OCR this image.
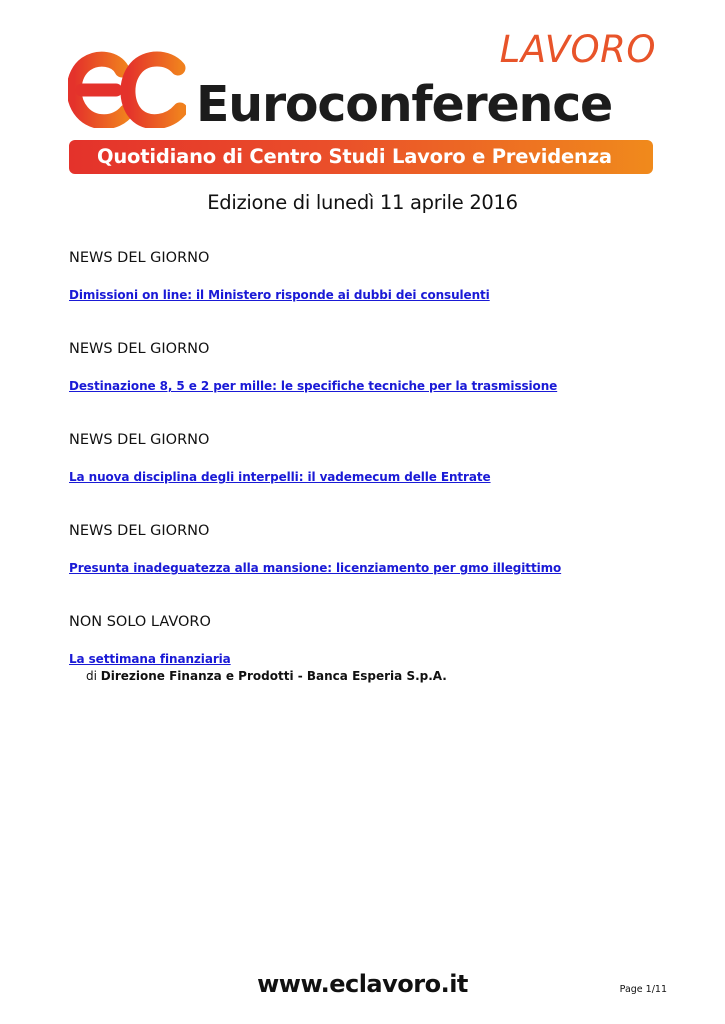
Euroconference
LAVORO
Quotidiano di Centro Studi Lavoro e Previdenza
Edizione di lunedì 11 aprile 2016
NEWS DEL GIORNO
Dimissioni on line: il Ministero risponde ai dubbi dei consulenti
NEWS DEL GIORNO
Destinazione 8, 5 e 2 per mille: le specifiche tecniche per la trasmissione
NEWS DEL GIORNO
La nuova disciplina degli interpelli: il vademecum delle Entrate
NEWS DEL GIORNO
Presunta inadeguatezza alla mansione: licenziamento per gmo illegittimo
NON SOLO LAVORO
La settimana finanziaria
di Direzione Finanza e Prodotti - Banca Esperia S.p.A.
www.eclavoro.it	Page 1/11
